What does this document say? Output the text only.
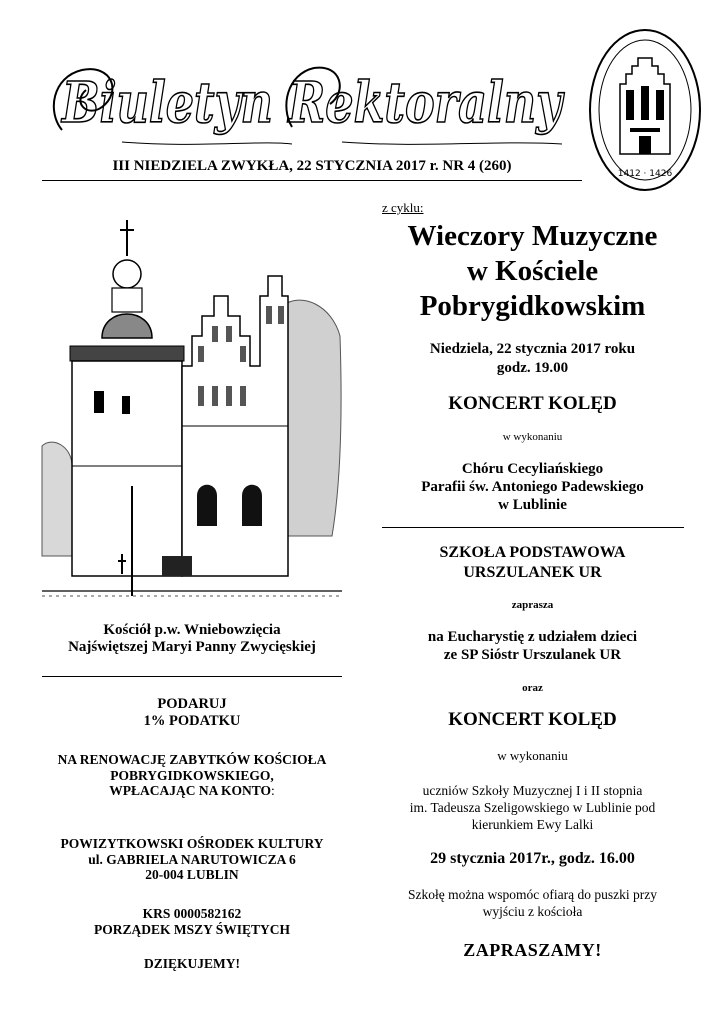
Biuletyn Rektoralny
III NIEDZIELA ZWYKŁA, 22 STYCZNIA 2017 r. NR 4 (260)	1412 · 1426
Kościół p.w. Wniebowzięcia
Najświętszej Maryi Panny Zwycięskiej
PODARUJ
1% PODATKU
NA RENOWACJĘ ZABYTKÓW KOŚCIOŁA
POBRYGIDKOWSKIEGO,
WPŁACAJĄC NA KONTO:
POWIZYTKOWSKI OŚRODEK KULTURY
ul. GABRIELA NARUTOWICZA 6
20-004 LUBLIN
KRS 0000582162
PORZĄDEK MSZY ŚWIĘTYCH
DZIĘKUJEMY!
z cyklu:
Wieczory Muzyczne
w Kościele
Pobrygidkowskim
Niedziela, 22 stycznia 2017 roku
godz. 19.00
KONCERT KOLĘD
w wykonaniu
Chóru Cecyliańskiego
Parafii św. Antoniego Padewskiego
w Lublinie
SZKOŁA PODSTAWOWA
URSZULANEK UR
zaprasza
na Eucharystię z udziałem dzieci
ze SP Sióstr Urszulanek UR
oraz
KONCERT KOLĘD
w wykonaniu
uczniów Szkoły Muzycznej I i II stopnia
im. Tadeusza Szeligowskiego w Lublinie pod
kierunkiem Ewy Lalki
29 stycznia 2017r., godz. 16.00
Szkołę można wspomóc ofiarą do puszki przy
wyjściu z kościoła
ZAPRASZAMY!
